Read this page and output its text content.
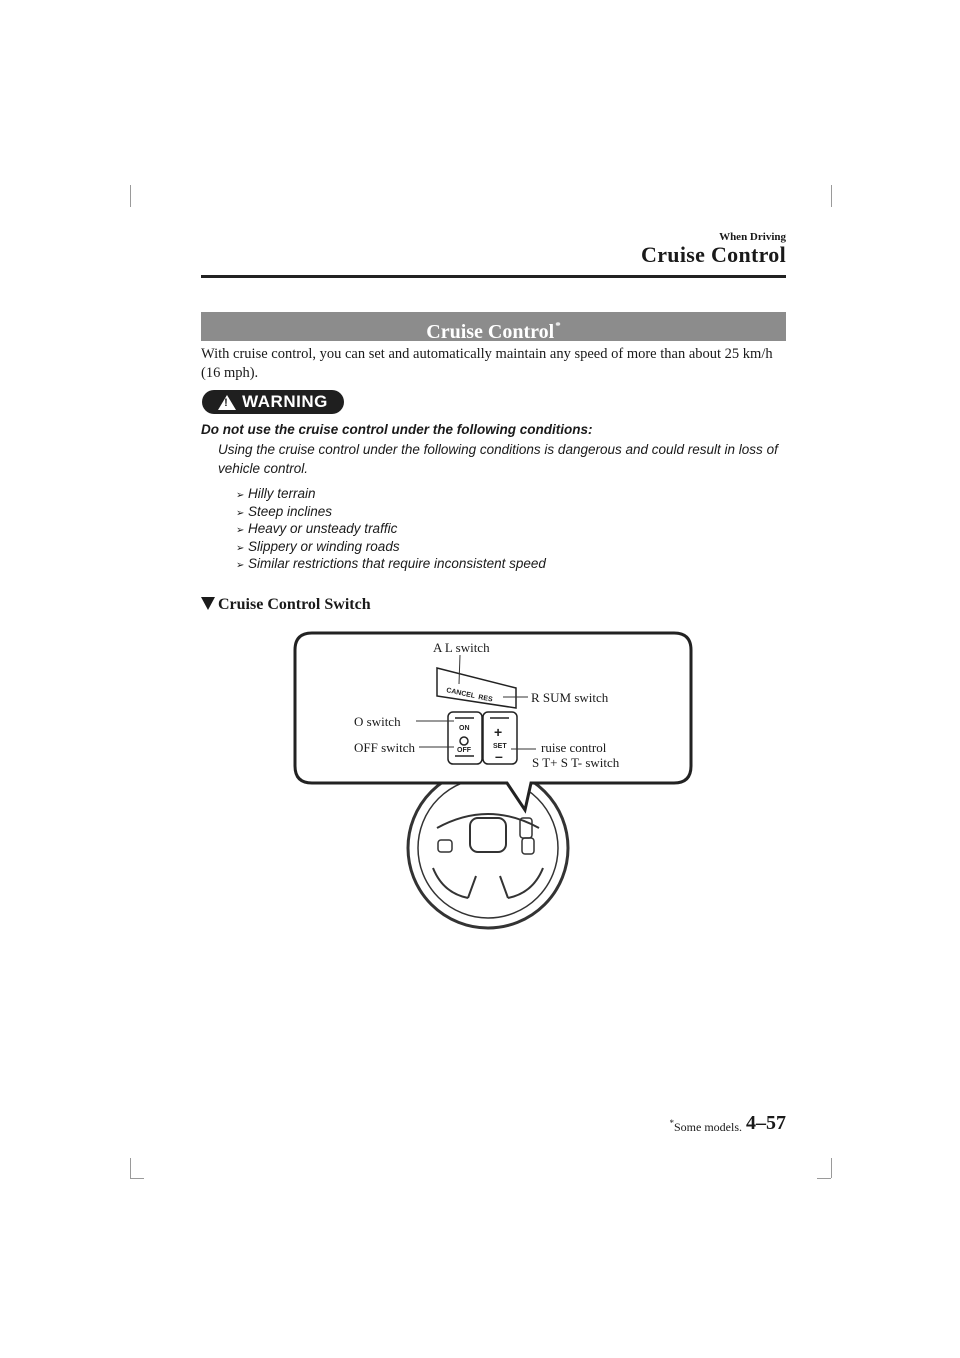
When Driving
Cruise Control
Cruise Control*
With cruise control, you can set and automatically maintain any speed of more than about 25 km/h (16 mph).
! WARNING
Do not use the cruise control under the following conditions:
Using the cruise control under the following conditions is dangerous and could result in loss of vehicle control.
➢ Hilly terrain
➢ Steep inclines
➢ Heavy or unsteady traffic
➢ Slippery or winding roads
➢ Similar restrictions that require inconsistent speed
Cruise Control Switch
CANCEL RES
ON
OFF
SET
+
–
A L switch
R SUM switch
O switch
OFF switch	ruise control
S T+ S T- switch
*Some models. 4–57
